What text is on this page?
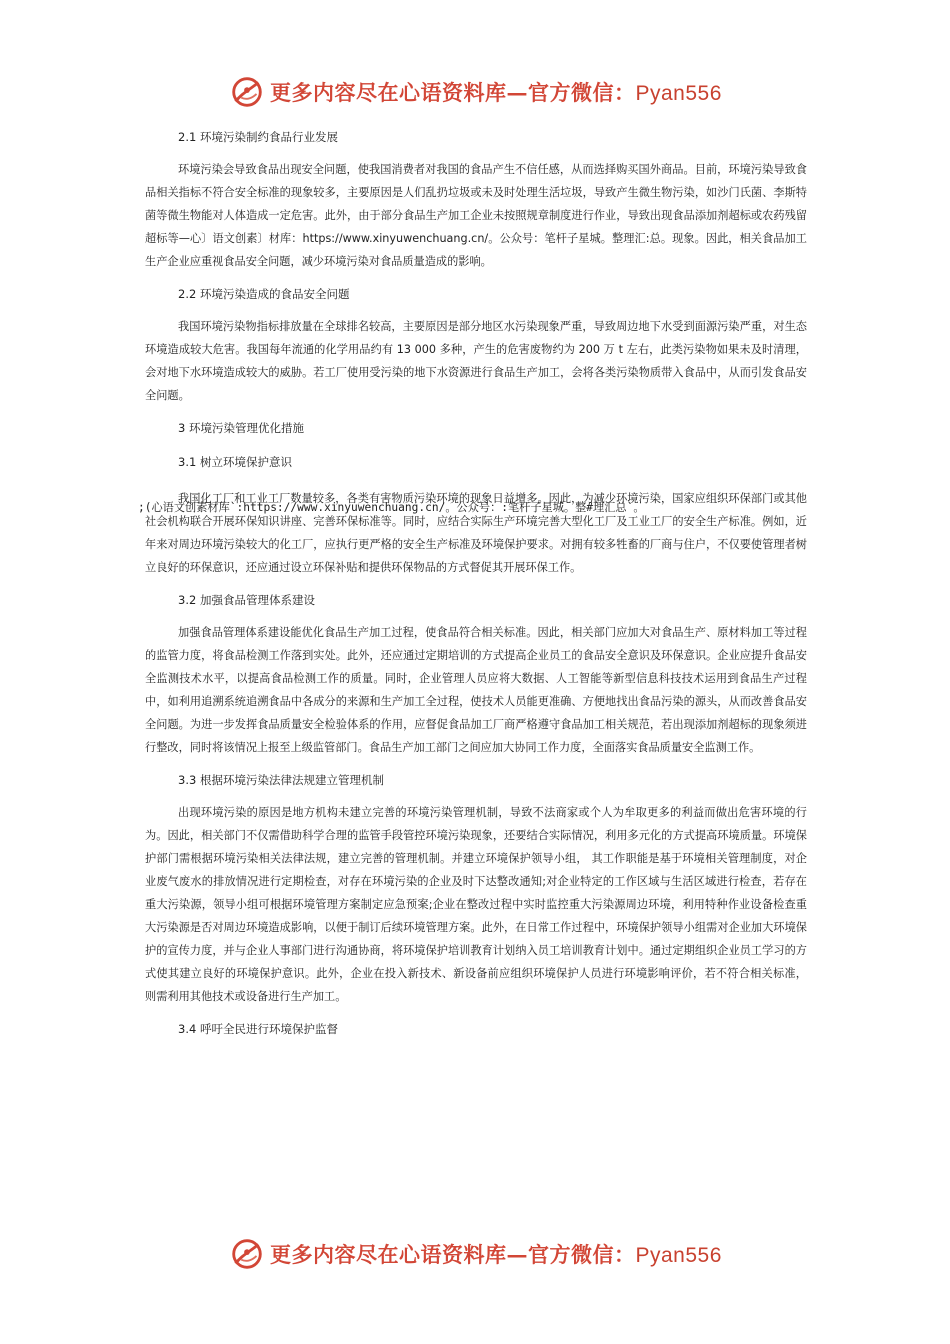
更多内容尽在心语资料库—官方微信：Pyan556
2.1 环境污染制约食品行业发展

环境污染会导致食品出现安全问题，使我国消费者对我国的食品产生不信任感，从而选择购买国外商品。目前，环境污染导致食品相关指标不符合安全标准的现象较多，主要原因是人们乱扔垃圾或未及时处理生活垃圾，导致产生微生物污染，如沙门氏菌、李斯特菌等微生物能对人体造成一定危害。此外，由于部分食品生产加工企业未按照规章制度进行作业，导致出现食品添加剂超标或农药残留超标等—心〕语文创素〕材库：https://www.xinyuwenchuang.cn/。公众号：笔杆子星城。整理汇:总。现象。因此，相关食品加工生产企业应重视食品安全问题，减少环境污染对食品质量造成的影响。

2.2 环境污染造成的食品安全问题

我国环境污染物指标排放量在全球排名较高，主要原因是部分地区水污染现象严重，导致周边地下水受到面源污染严重，对生态环境造成较大危害。我国每年流通的化学用品约有 13 000 多种，产生的危害废物约为 200 万 t 左右，此类污染物如果未及时清理，会对地下水环境造成较大的威胁。若工厂使用受污染的地下水资源进行食品生产加工，会将各类污染物质带入食品中，从而引发食品安全问题。

3 环境污染管理优化措施
3.1 树立环境保护意识

我国化工厂和工业工厂数量较多，各类有害物质污染环境的现象日益增多。因此，为减少环境污染，国家应组织环保部门或其他社会机构联合开展环保知识讲座、完善环保标准等。同时，应结合实际生产环境完善大型化工厂及工业工厂的安全生产标准。例如，近年来对周边环境污染较大的化工厂，应执行更严格的安全生产标准及环境保护要求。对拥有较多牲畜的厂商与住户，不仅要使管理者树立良好的环保意识，还应通过设立环保补贴和提供环保物品的方式督促其开展环保工作。

3.2 加强食品管理体系建设

加强食品管理体系建设能优化食品生产加工过程，使食品符合相关标准。因此，相关部门应加大对食品生产、原材料加工等过程的监管力度，将食品检测工作落到实处。此外，还应通过定期培训的方式提高企业员工的食品安全意识及环保意识。企业应提升食品安全监测技术水平，以提高食品检测工作的质量。同时，企业管理人员应将大数据、人工智能等新型信息科技技术运用到食品生产过程中，如利用追溯系统追溯食品中各成分的来源和生产加工全过程，使技术人员能更准确、方便地找出食品污染的源头，从而改善食品安全问题。为进一步发挥食品质量安全检验体系的作用，应督促食品加工厂商严格遵守食品加工相关规范，若出现添加剂超标的现象须进行整改，同时将该情况上报至上级监管部门。食品生产加工部门之间应加大协同工作力度，全面落实食品质量安全监测工作。

3.3 根据环境污染法律法规建立管理机制

出现环境污染的原因是地方机构未建立完善的环境污染管理机制，导致不法商家或个人为牟取更多的利益而做出危害环境的行为。因此，相关部门不仅需借助科学合理的监管手段管控环境污染现象，还要结合实际情况，利用多元化的方式提高环境质量。环境保护部门需根据环境污染相关法律法规，建立完善的管理机制。并建立环境保护领导小组， 其工作职能是基于环境相关管理制度，对企业废气废水的排放情况进行定期检查，对存在环境污染的企业及时下达整改通知;对企业特定的工作区域与生活区域进行检查，若存在重大污染源，领导小组可根据环境管理方案制定应急预案;企业在整改过程中实时监控重大污染源周边环境，利用特种作业设备检查重大污染源是否对周边环境造成影响，以便于制订后续环境管理方案。此外，在日常工作过程中，环境保护领导小组需对企业加大环境保护的宣传力度，并与企业人事部门进行沟通协商，将环境保护培训教育计划纳入员工培训教育计划中。通过定期组织企业员工学习的方式使其建立良好的环境保护意识。此外，企业在投入新技术、新设备前应组织环境保护人员进行环境影响评价，若不符合相关标准， 则需利用其他技术或设备进行生产加工。

3.4 呼吁全民进行环境保护监督
;(心语文创素材库`:https://www.xinyuwenchuang.cn/。公众号：:笔杆子星城。整#理汇总`。
更多内容尽在心语资料库—官方微信：Pyan556
